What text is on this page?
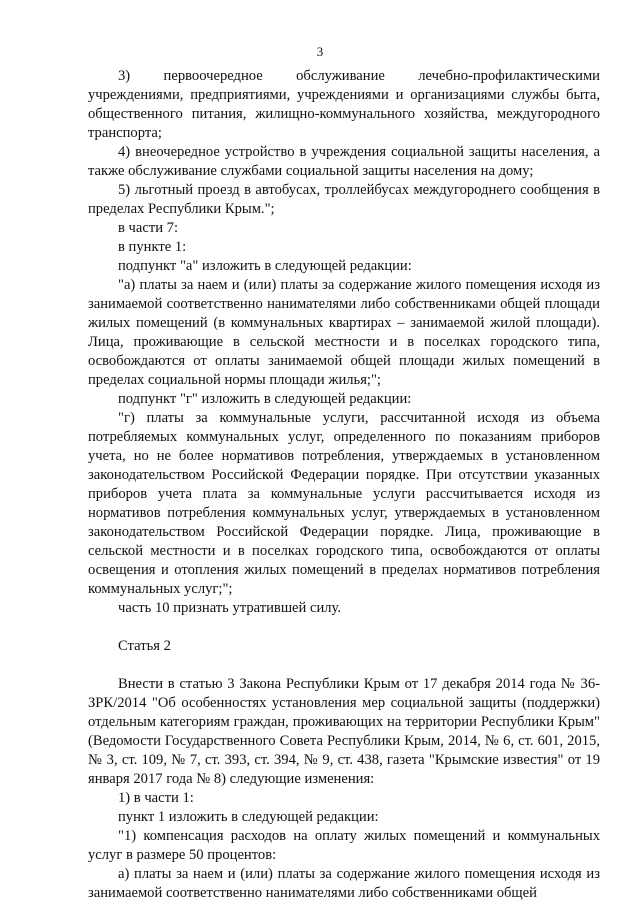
3

3) первоочередное обслуживание лечебно-профилактическими учреждениями, предприятиями, учреждениями и организациями службы быта, общественного питания, жилищно-коммунального хозяйства, междугородного транспорта;

4) внеочередное устройство в учреждения социальной защиты населения, а также обслуживание службами социальной защиты населения на дому;

5) льготный проезд в автобусах, троллейбусах междугороднего сообщения в пределах Республики Крым.";

в части 7:

в пункте 1:

подпункт "а" изложить в следующей редакции:

"а) платы за наем и (или) платы за содержание жилого помещения исходя из занимаемой соответственно нанимателями либо собственниками общей площади жилых помещений (в коммунальных квартирах – занимаемой жилой площади). Лица, проживающие в сельской местности и в поселках городского типа, освобождаются от оплаты занимаемой общей площади жилых помещений в пределах социальной нормы площади жилья;";

подпункт "г" изложить в следующей редакции:

"г) платы за коммунальные услуги, рассчитанной исходя из объема потребляемых коммунальных услуг, определенного по показаниям приборов учета, но не более нормативов потребления, утверждаемых в установленном законодательством Российской Федерации порядке. При отсутствии указанных приборов учета плата за коммунальные услуги рассчитывается исходя из нормативов потребления коммунальных услуг, утверждаемых в установленном законодательством Российской Федерации порядке. Лица, проживающие в сельской местности и в поселках городского типа, освобождаются от оплаты освещения и отопления жилых помещений в пределах нормативов потребления коммунальных услуг;";

часть 10 признать утратившей силу.

Статья 2

Внести в статью 3 Закона Республики Крым от 17 декабря 2014 года № 36-ЗРК/2014 "Об особенностях установления мер социальной защиты (поддержки) отдельным категориям граждан, проживающих на территории Республики Крым" (Ведомости Государственного Совета Республики Крым, 2014, № 6, ст. 601, 2015, № 3, ст. 109, № 7, ст. 393, ст. 394, № 9, ст. 438, газета "Крымские известия" от 19 января 2017 года № 8) следующие изменения:

1) в части 1:

пункт 1 изложить в следующей редакции:

"1) компенсация расходов на оплату жилых помещений и коммунальных услуг в размере 50 процентов:

а) платы за наем и (или) платы за содержание жилого помещения исходя из занимаемой соответственно нанимателями либо собственниками общей
